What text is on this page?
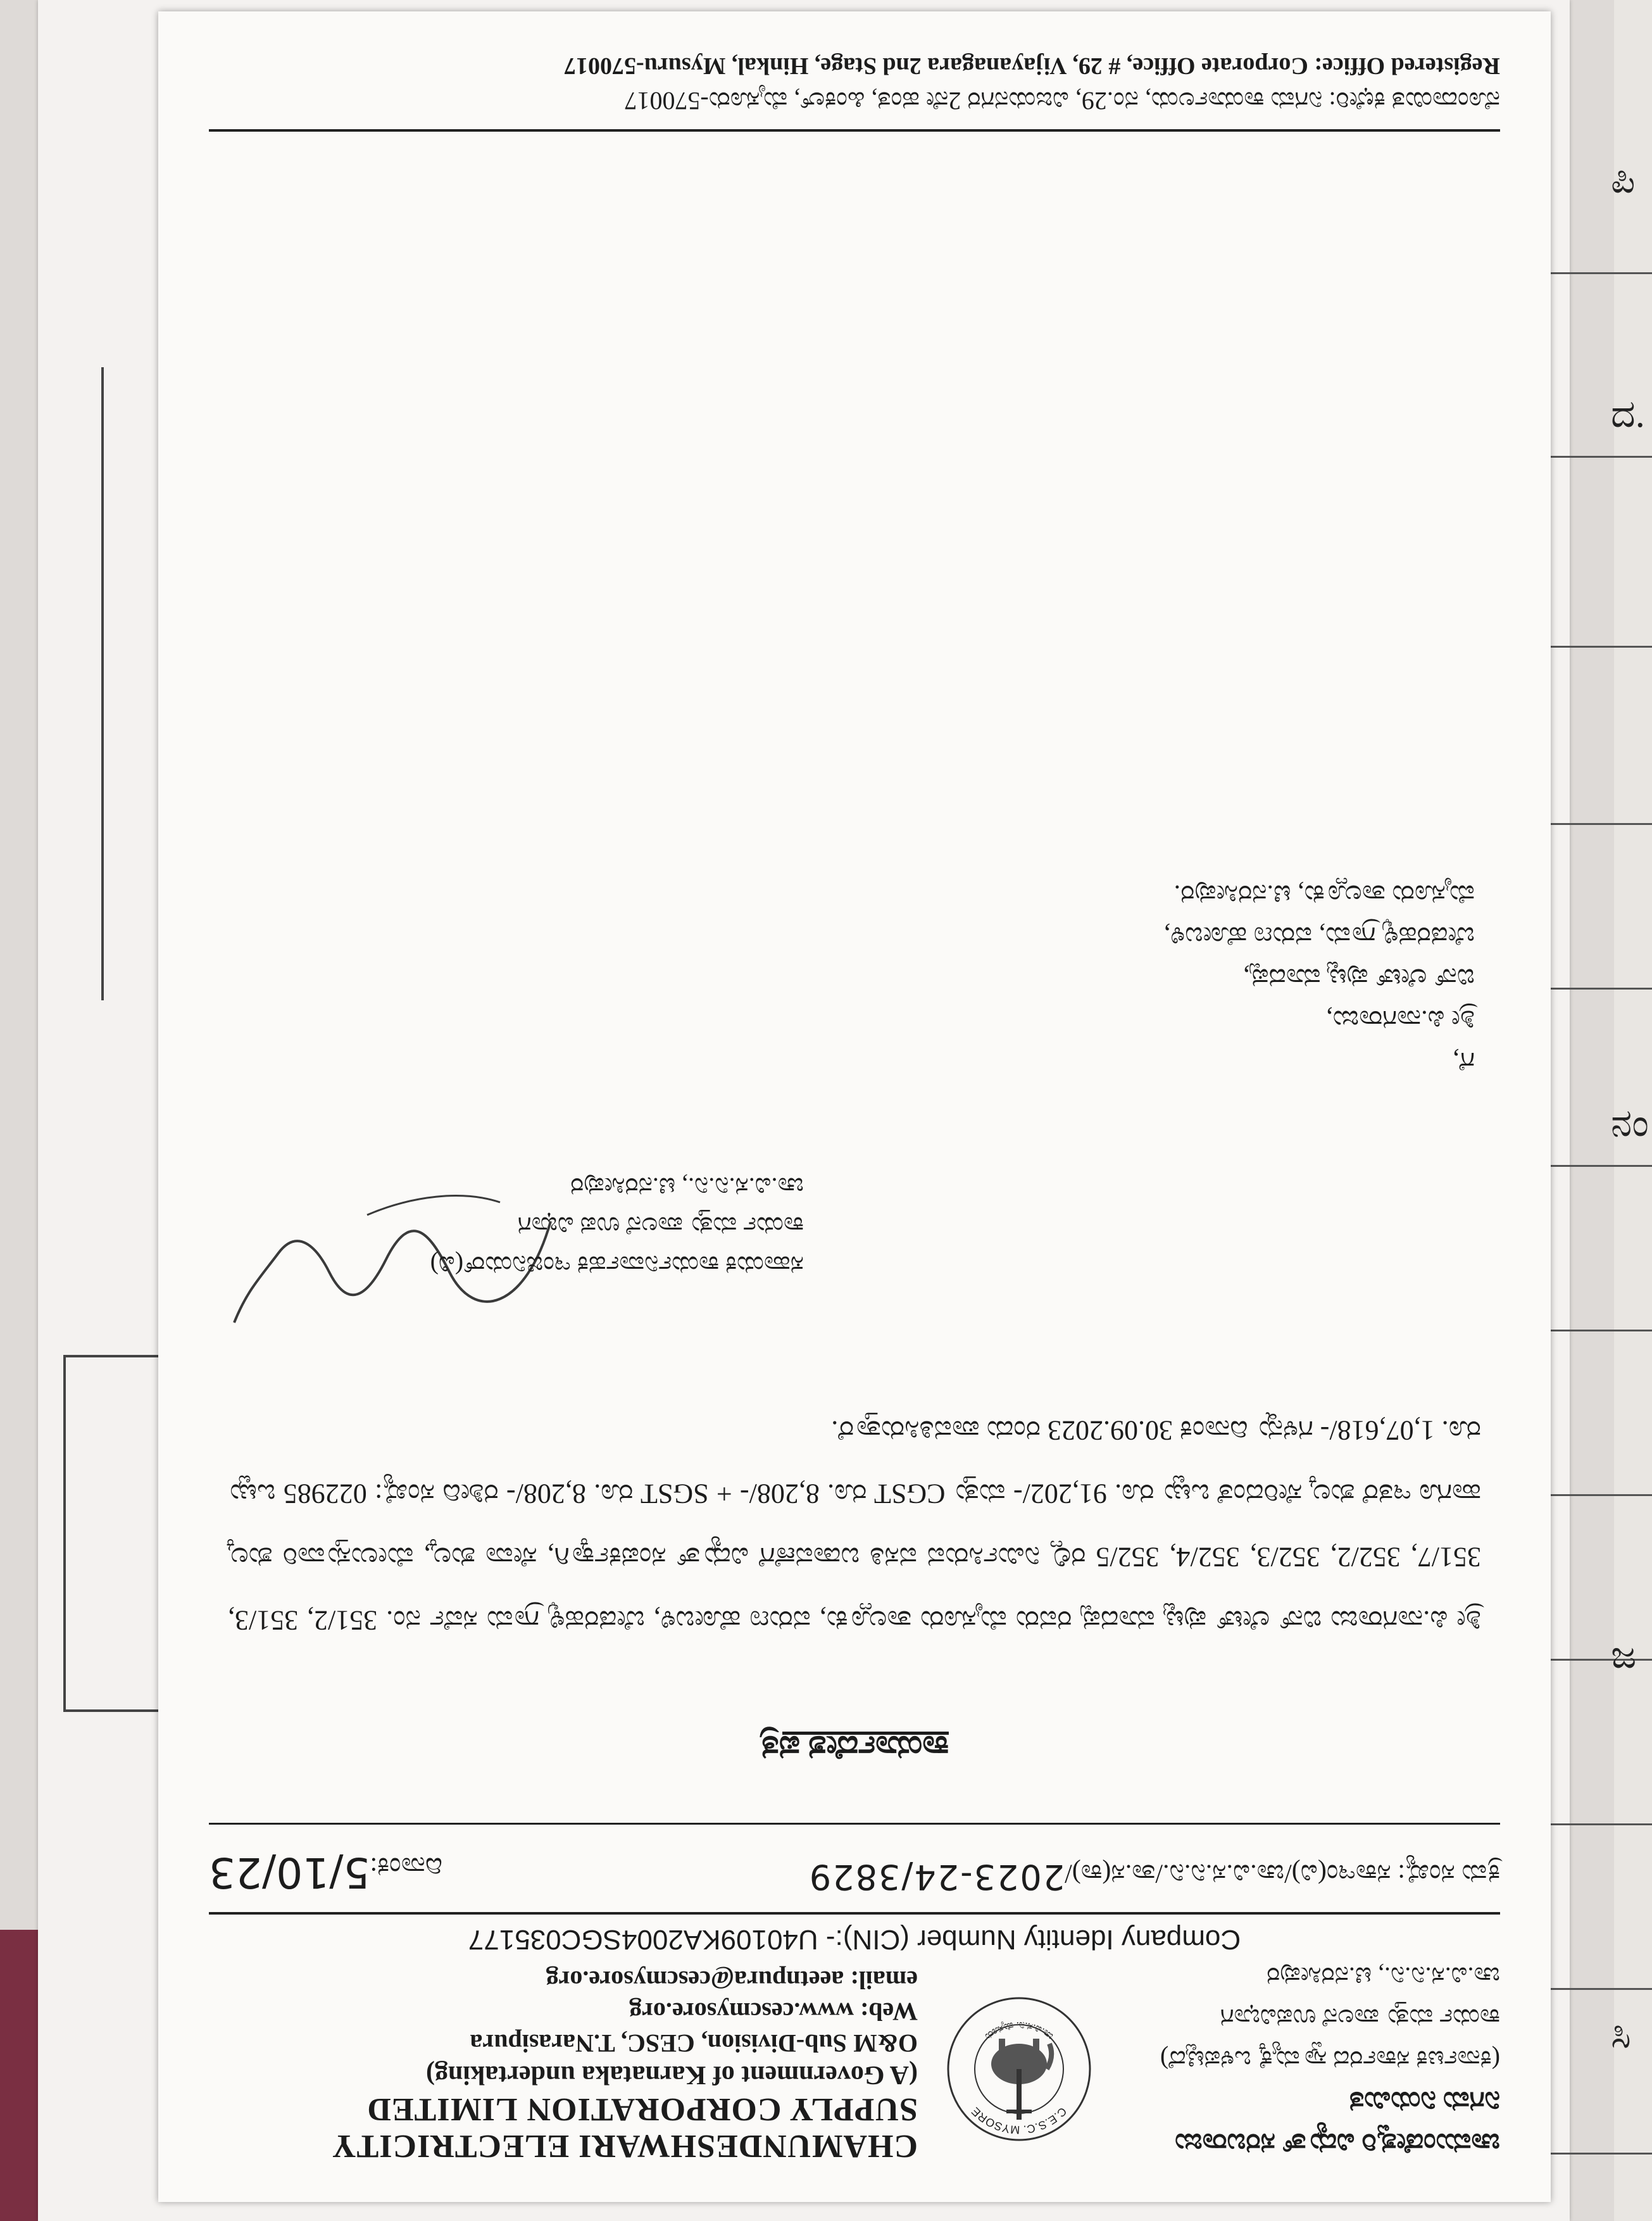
ಪಿ
ದ.
ನಂ
ಜ
ಸಿ
ಚಾಮುಂಡೇಶ್ವರಿ ವಿದ್ಯುತ್ ಸರಬರಾಜು
ನಿಗಮ ನಿಯಮಿತ
(ಕರ್ನಾಟಕ ಸರ್ಕಾರದ ಸ್ವಾಮ್ಯಕ್ಕೆ ಒಳಪಟ್ಟಿದೆ)
ಕಾರ್ಯ ಮತ್ತು ಪಾಲನೆ ಉಪವಿಭಾಗ
ಚಾ.ವಿ.ಸ.ನಿ.ನಿ., ಟಿ.ನರಸೀಪುರ
C.E.S.C. MYSORE
ಚಾ.ವಿ.ಸ.ನಿ. ಮೈಸೂರು
CHAMUNDESHWARI ELECTRICITY
SUPPLY CORPORATION LIMITED
(A Government of Karnataka undertaking)
O&M Sub-Division, CESC, T.Narasipura
Web: www.cescmysore.org
email: aeetnpura@cescmysore.org
Company Identity Number (CIN):- U40109KA2004SGC035177
ಕ್ರಮ ಸಂಖ್ಯೆ: ಸಕಾಇಂ(ವಿ)/ಚಾ.ವಿ.ಸ.ನಿ.ನಿ./ತಾ.ಸ(ಕಾ)/2023-24/3829
ದಿನಾಂಕ:5/10/23
ಕಾರ್ಯಾದೇಶ ಪತ್ರ
ಶ್ರೀ ಪಿ.ನಾಗರಾಜು ಬಿನ್ ಲೇಟ್ ಪುಟ್ಟ ಮಾದಪ್ಪ ರವರು ಮೈಸೂರು ತಾಲ್ಲೂಕು, ವರುಣ ಹೋಬಳಿ, ಬೇಡರಹಳ್ಳಿ ಗ್ರಾಮ ಸರ್ವೆ ನಂ. 351/2, 351/3, 351/7, 352/2, 352/3, 352/4, 352/5 ರಲ್ಲಿ ನಿರ್ಮಿಸಿರುವ ವಸತಿ ಬಡಾವಣೆಗೆ ವಿದ್ಯುತ್ ಸಂಪರ್ಕಕ್ಕಾಗಿ, ಸೇವಾ ಶುಲ್ಕ, ಮೇಲುಸ್ತುವಾರಿ ಶುಲ್ಕ ಹಾಗೂ ಇತರೆ ಶುಲ್ಕ ಸೇರಿದಂತೆ ಒಟ್ಟು ರೂ. 91,202/- ಮತ್ತು CGST ರೂ. 8,208/- + SGST ರೂ. 8,208/- ರಶೀದಿ ಸಂಖ್ಯೆ: 022985 ಒಟ್ಟು ರೂ. 1,07,618/- ಗಳನ್ನು ದಿನಾಂಕ 30.09.2023 ರಂದು ಪಾವತಿಸಿರುತ್ತಾರೆ.
ಸಹಾಯಕ ಕಾರ್ಯನಿರ್ವಾಹಕ ಇಂಜಿನಿಯರ್(ವಿ)
ಕಾರ್ಯ ಮತ್ತು ಪಾಲನೆ ಉಪ ವಿಭಾಗ
ಚಾ.ವಿ.ಸ.ನಿ.ನಿ., ಟಿ.ನರಸೀಪುರ
ಗೆ,
ಶ್ರೀ ಪಿ.ನಾಗರಾಜು,
ಬಿನ್ ಲೇಟ್ ಪುಟ್ಟ ಮಾದಪ್ಪ,
ಬೇಡರಹಳ್ಳಿ ಗ್ರಾಮ, ವರುಣ ಹೋಬಳಿ,
ಮೈಸೂರು ತಾಲ್ಲೂಕು, ಟಿ.ನರಸೀಪುರ.
ನೊಂದಾಯಿತ ಕಛೇರಿ: ನಿಗಮ ಕಾರ್ಯಾಲಯ, ನಂ.29, ವಿಜಯನಗರ 2ನೇ ಹಂತ, ಹಿಂಕಲ್, ಮೈಸೂರು-570017
Registered Office: Corporate Office, # 29, Vijayanagara 2nd Stage, Hinkal, Mysuru-570017
